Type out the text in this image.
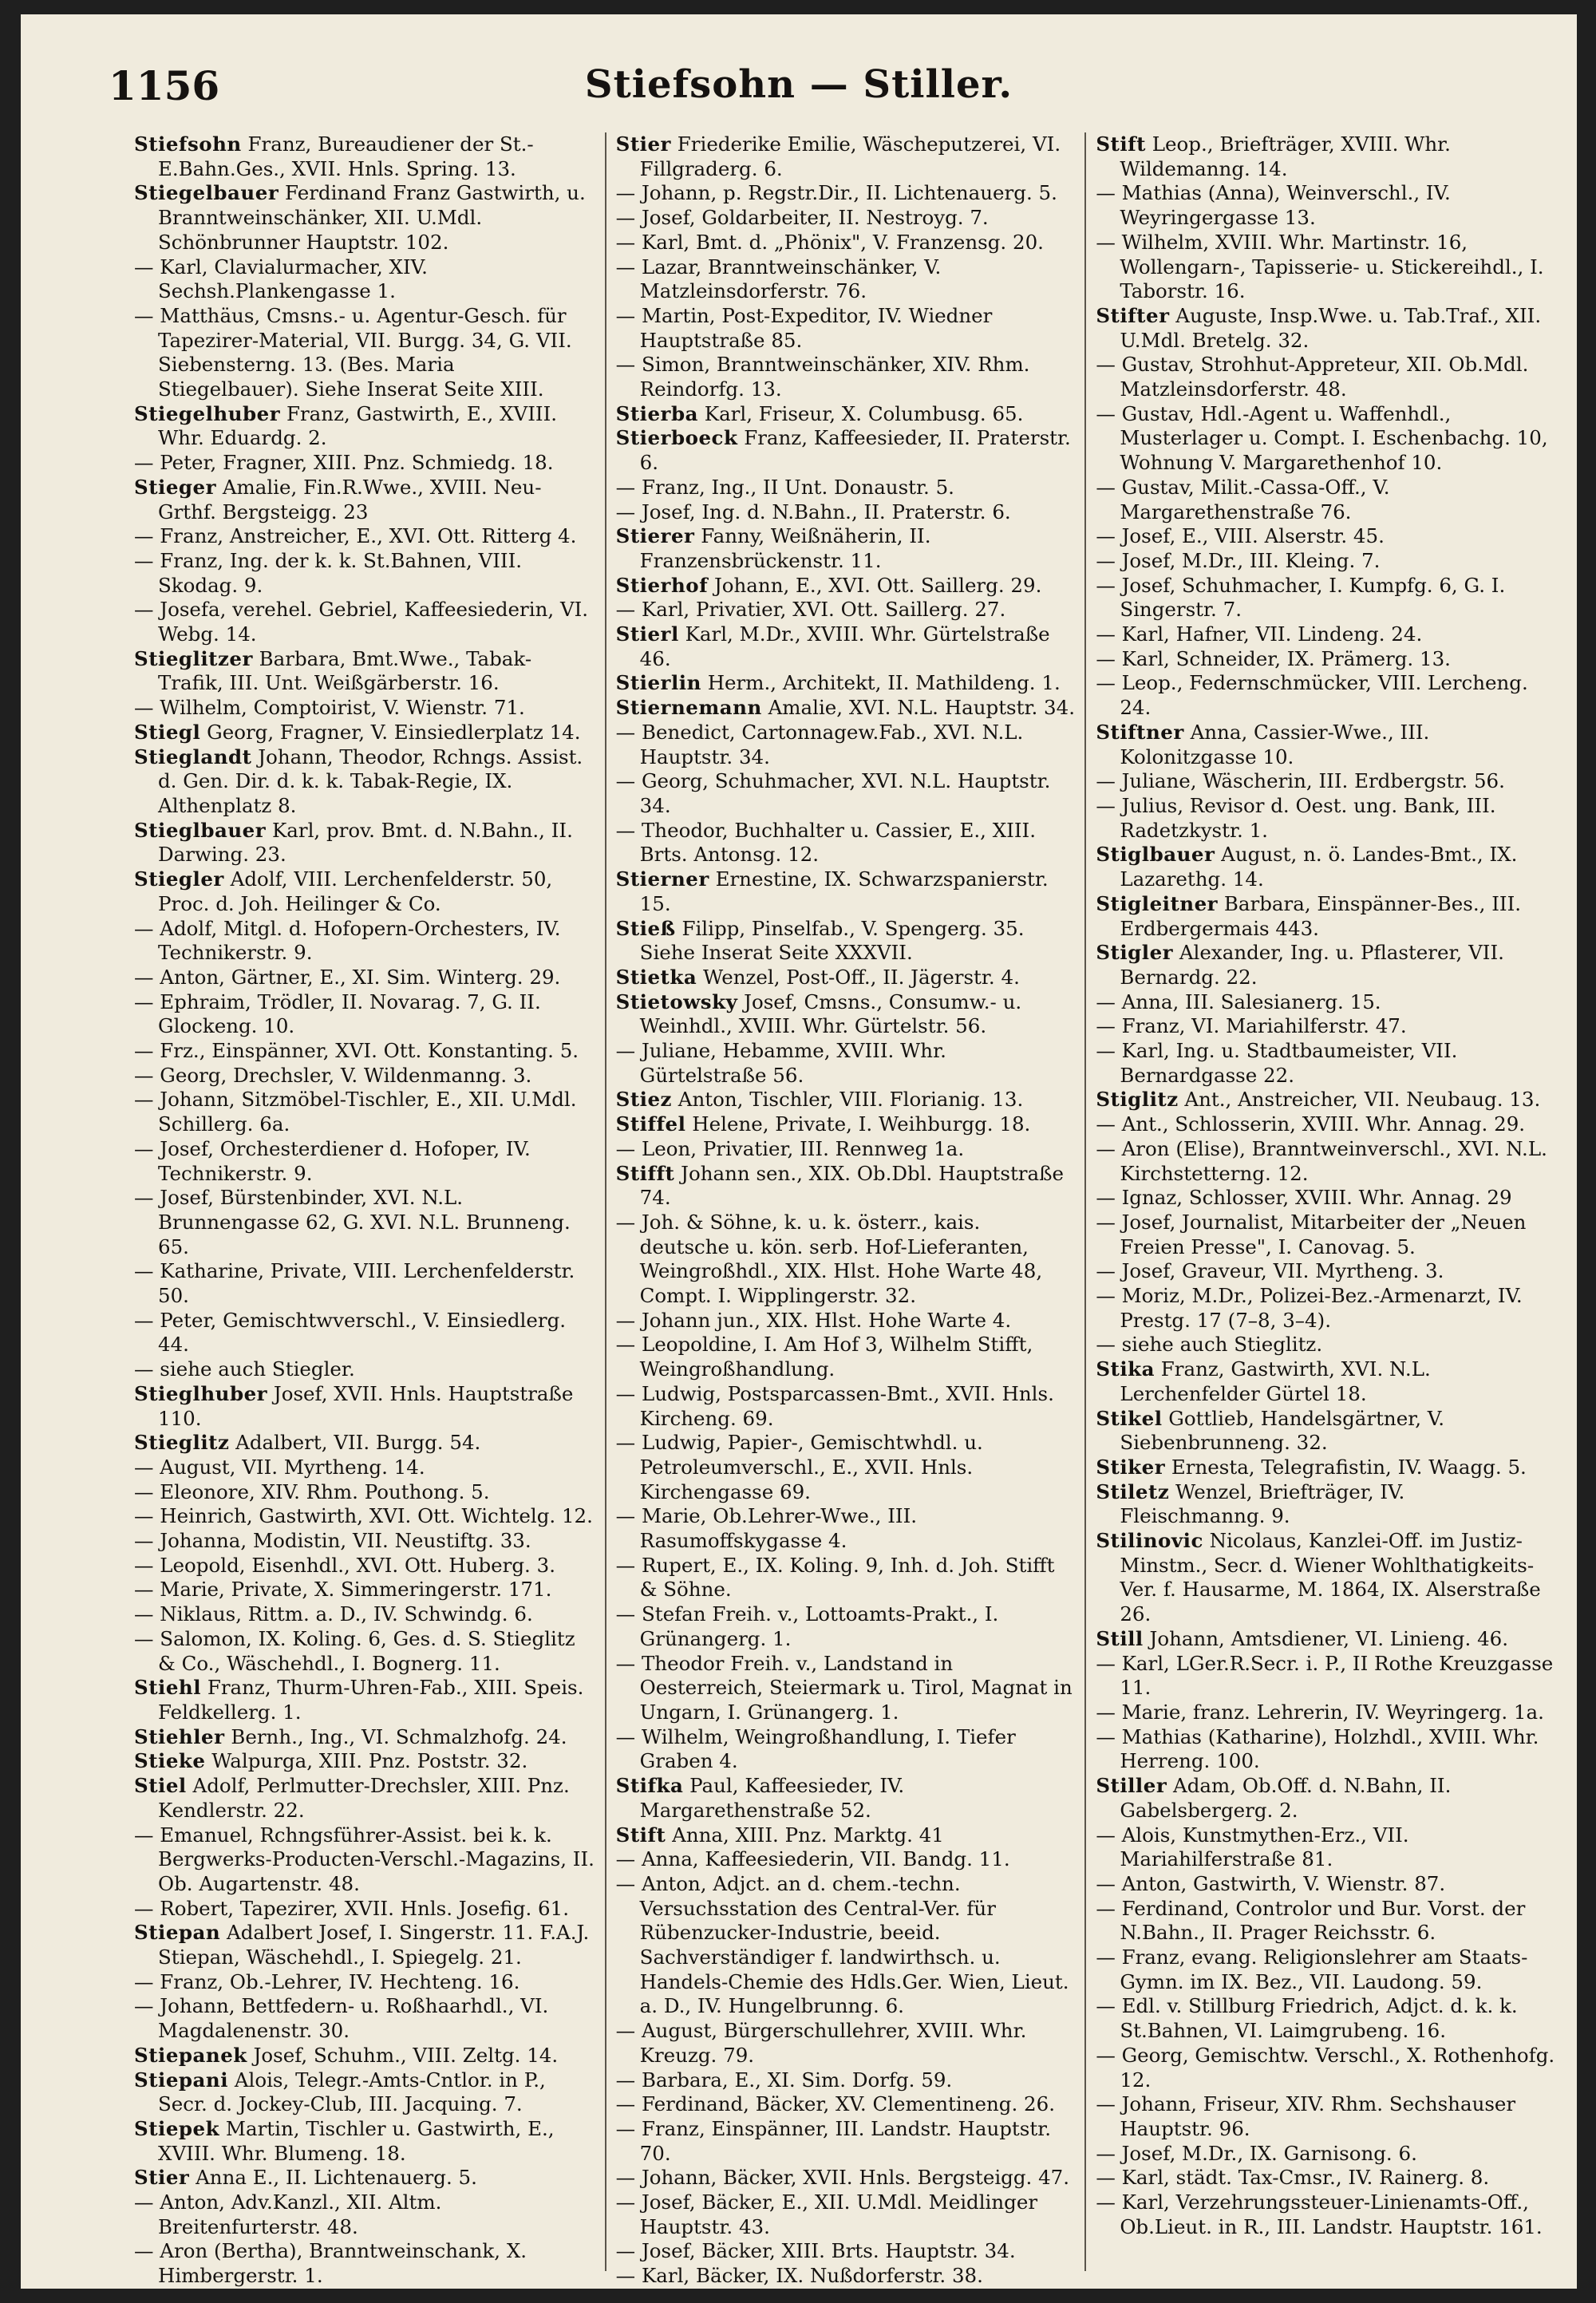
1156	Stiefsohn — Stiller.

Stiefsohn Franz, Bureaudiener der St.-E.Bahn.Ges., XVII. Hnls. Spring. 13.

Stiegelbauer Ferdinand Franz Gastwirth, u. Branntweinschänker, XII. U.Mdl. Schönbrunner Hauptstr. 102.

— Karl, Clavialurmacher, XIV. Sechsh.Plankengasse 1.

— Matthäus, Cmsns.- u. Agentur-Gesch. für Tapezirer-Material, VII. Burgg. 34, G. VII. Siebensterng. 13. (Bes. Maria Stiegelbauer). Siehe Inserat Seite XIII.

Stiegelhuber Franz, Gastwirth, E., XVIII. Whr. Eduardg. 2.

— Peter, Fragner, XIII. Pnz. Schmiedg. 18.

Stieger Amalie, Fin.R.Wwe., XVIII. Neu-Grthf. Bergsteigg. 23

— Franz, Anstreicher, E., XVI. Ott. Ritterg 4.

— Franz, Ing. der k. k. St.Bahnen, VIII. Skodag. 9.

— Josefa, verehel. Gebriel, Kaffeesiederin, VI. Webg. 14.

Stieglitzer Barbara, Bmt.Wwe., Tabak-Trafik, III. Unt. Weißgärberstr. 16.

— Wilhelm, Comptoirist, V. Wienstr. 71.

Stiegl Georg, Fragner, V. Einsiedlerplatz 14.

Stieglandt Johann, Theodor, Rchngs. Assist. d. Gen. Dir. d. k. k. Tabak-Regie, IX. Althenplatz 8.

Stieglbauer Karl, prov. Bmt. d. N.Bahn., II. Darwing. 23.

Stiegler Adolf, VIII. Lerchenfelderstr. 50, Proc. d. Joh. Heilinger & Co.

— Adolf, Mitgl. d. Hofopern-Orchesters, IV. Technikerstr. 9.

— Anton, Gärtner, E., XI. Sim. Winterg. 29.

— Ephraim, Trödler, II. Novarag. 7, G. II. Glockeng. 10.

— Frz., Einspänner, XVI. Ott. Konstanting. 5.

— Georg, Drechsler, V. Wildenmanng. 3.

— Johann, Sitzmöbel-Tischler, E., XII. U.Mdl. Schillerg. 6a.

— Josef, Orchesterdiener d. Hofoper, IV. Technikerstr. 9.

— Josef, Bürstenbinder, XVI. N.L. Brunnengasse 62, G. XVI. N.L. Brunneng. 65.

— Katharine, Private, VIII. Lerchenfelderstr. 50.

— Peter, Gemischtwverschl., V. Einsiedlerg. 44.

— siehe auch Stiegler.

Stieglhuber Josef, XVII. Hnls. Hauptstraße 110.

Stieglitz Adalbert, VII. Burgg. 54.

— August, VII. Myrtheng. 14.

— Eleonore, XIV. Rhm. Pouthong. 5.

— Heinrich, Gastwirth, XVI. Ott. Wichtelg. 12.

— Johanna, Modistin, VII. Neustiftg. 33.

— Leopold, Eisenhdl., XVI. Ott. Huberg. 3.

— Marie, Private, X. Simmeringerstr. 171.

— Niklaus, Rittm. a. D., IV. Schwindg. 6.

— Salomon, IX. Koling. 6, Ges. d. S. Stieglitz & Co., Wäschehdl., I. Bognerg. 11.

Stiehl Franz, Thurm-Uhren-Fab., XIII. Speis. Feldkellerg. 1.

Stiehler Bernh., Ing., VI. Schmalzhofg. 24.

Stieke Walpurga, XIII. Pnz. Poststr. 32.

Stiel Adolf, Perlmutter-Drechsler, XIII. Pnz. Kendlerstr. 22.

— Emanuel, Rchngsführer-Assist. bei k. k. Bergwerks-Producten-Verschl.-Magazins, II. Ob. Augartenstr. 48.

— Robert, Tapezirer, XVII. Hnls. Josefig. 61.

Stiepan Adalbert Josef, I. Singerstr. 11. F.A.J. Stiepan, Wäschehdl., I. Spiegelg. 21.

— Franz, Ob.-Lehrer, IV. Hechteng. 16.

— Johann, Bettfedern- u. Roßhaarhdl., VI. Magdalenenstr. 30.

Stiepanek Josef, Schuhm., VIII. Zeltg. 14.

Stiepani Alois, Telegr.-Amts-Cntlor. in P., Secr. d. Jockey-Club, III. Jacquing. 7.

Stiepek Martin, Tischler u. Gastwirth, E., XVIII. Whr. Blumeng. 18.

Stier Anna E., II. Lichtenauerg. 5.

— Anton, Adv.Kanzl., XII. Altm. Breitenfurterstr. 48.

— Aron (Bertha), Branntweinschank, X. Himbergerstr. 1.

Stier Friederike Emilie, Wäscheputzerei, VI. Fillgraderg. 6.

— Johann, p. Regstr.Dir., II. Lichtenauerg. 5.

— Josef, Goldarbeiter, II. Nestroyg. 7.

— Karl, Bmt. d. „Phönix", V. Franzensg. 20.

— Lazar, Branntweinschänker, V. Matzleinsdorferstr. 76.

— Martin, Post-Expeditor, IV. Wiedner Hauptstraße 85.

— Simon, Branntweinschänker, XIV. Rhm. Reindorfg. 13.

Stierba Karl, Friseur, X. Columbusg. 65.

Stierboeck Franz, Kaffeesieder, II. Praterstr. 6.

— Franz, Ing., II Unt. Donaustr. 5.

— Josef, Ing. d. N.Bahn., II. Praterstr. 6.

Stierer Fanny, Weißnäherin, II. Franzensbrückenstr. 11.

Stierhof Johann, E., XVI. Ott. Saillerg. 29.

— Karl, Privatier, XVI. Ott. Saillerg. 27.

Stierl Karl, M.Dr., XVIII. Whr. Gürtelstraße 46.

Stierlin Herm., Architekt, II. Mathildeng. 1.

Stiernemann Amalie, XVI. N.L. Hauptstr. 34.

— Benedict, Cartonnagew.Fab., XVI. N.L. Hauptstr. 34.

— Georg, Schuhmacher, XVI. N.L. Hauptstr. 34.

— Theodor, Buchhalter u. Cassier, E., XIII. Brts. Antonsg. 12.

Stierner Ernestine, IX. Schwarzspanierstr. 15.

Stieß Filipp, Pinselfab., V. Spengerg. 35. Siehe Inserat Seite XXXVII.

Stietka Wenzel, Post-Off., II. Jägerstr. 4.

Stietowsky Josef, Cmsns., Consumw.- u. Weinhdl., XVIII. Whr. Gürtelstr. 56.

— Juliane, Hebamme, XVIII. Whr. Gürtelstraße 56.

Stiez Anton, Tischler, VIII. Florianig. 13.

Stiffel Helene, Private, I. Weihburgg. 18.

— Leon, Privatier, III. Rennweg 1a.

Stifft Johann sen., XIX. Ob.Dbl. Hauptstraße 74.

— Joh. & Söhne, k. u. k. österr., kais. deutsche u. kön. serb. Hof-Lieferanten, Weingroßhdl., XIX. Hlst. Hohe Warte 48, Compt. I. Wipplingerstr. 32.

— Johann jun., XIX. Hlst. Hohe Warte 4.

— Leopoldine, I. Am Hof 3, Wilhelm Stifft, Weingroßhandlung.

— Ludwig, Postsparcassen-Bmt., XVII. Hnls. Kircheng. 69.

— Ludwig, Papier-, Gemischtwhdl. u. Petroleumverschl., E., XVII. Hnls. Kirchengasse 69.

— Marie, Ob.Lehrer-Wwe., III. Rasumoffskygasse 4.

— Rupert, E., IX. Koling. 9, Inh. d. Joh. Stifft & Söhne.

— Stefan Freih. v., Lottoamts-Prakt., I. Grünangerg. 1.

— Theodor Freih. v., Landstand in Oesterreich, Steiermark u. Tirol, Magnat in Ungarn, I. Grünangerg. 1.

— Wilhelm, Weingroßhandlung, I. Tiefer Graben 4.

Stifka Paul, Kaffeesieder, IV. Margarethenstraße 52.

Stift Anna, XIII. Pnz. Marktg. 41

— Anna, Kaffeesiederin, VII. Bandg. 11.

— Anton, Adjct. an d. chem.-techn. Versuchsstation des Central-Ver. für Rübenzucker-Industrie, beeid. Sachverständiger f. landwirthsch. u. Handels-Chemie des Hdls.Ger. Wien, Lieut. a. D., IV. Hungelbrunng. 6.

— August, Bürgerschullehrer, XVIII. Whr. Kreuzg. 79.

— Barbara, E., XI. Sim. Dorfg. 59.

— Ferdinand, Bäcker, XV. Clementineng. 26.

— Franz, Einspänner, III. Landstr. Hauptstr. 70.

— Johann, Bäcker, XVII. Hnls. Bergsteigg. 47.

— Josef, Bäcker, E., XII. U.Mdl. Meidlinger Hauptstr. 43.

— Josef, Bäcker, XIII. Brts. Hauptstr. 34.

— Karl, Bäcker, IX. Nußdorferstr. 38.

Stift Leop., Briefträger, XVIII. Whr. Wildemanng. 14.

— Mathias (Anna), Weinverschl., IV. Weyringergasse 13.

— Wilhelm, XVIII. Whr. Martinstr. 16, Wollengarn-, Tapisserie- u. Stickereihdl., I. Taborstr. 16.

Stifter Auguste, Insp.Wwe. u. Tab.Traf., XII. U.Mdl. Bretelg. 32.

— Gustav, Strohhut-Appreteur, XII. Ob.Mdl. Matzleinsdorferstr. 48.

— Gustav, Hdl.-Agent u. Waffenhdl., Musterlager u. Compt. I. Eschenbachg. 10, Wohnung V. Margarethenhof 10.

— Gustav, Milit.-Cassa-Off., V. Margarethenstraße 76.

— Josef, E., VIII. Alserstr. 45.

— Josef, M.Dr., III. Kleing. 7.

— Josef, Schuhmacher, I. Kumpfg. 6, G. I. Singerstr. 7.

— Karl, Hafner, VII. Lindeng. 24.

— Karl, Schneider, IX. Prämerg. 13.

— Leop., Federnschmücker, VIII. Lercheng. 24.

Stiftner Anna, Cassier-Wwe., III. Kolonitzgasse 10.

— Juliane, Wäscherin, III. Erdbergstr. 56.

— Julius, Revisor d. Oest. ung. Bank, III. Radetzkystr. 1.

Stiglbauer August, n. ö. Landes-Bmt., IX. Lazarethg. 14.

Stigleitner Barbara, Einspänner-Bes., III. Erdbergermais 443.

Stigler Alexander, Ing. u. Pflasterer, VII. Bernardg. 22.

— Anna, III. Salesianerg. 15.

— Franz, VI. Mariahilferstr. 47.

— Karl, Ing. u. Stadtbaumeister, VII. Bernardgasse 22.

Stiglitz Ant., Anstreicher, VII. Neubaug. 13.

— Ant., Schlosserin, XVIII. Whr. Annag. 29.

— Aron (Elise), Branntweinverschl., XVI. N.L. Kirchstetterng. 12.

— Ignaz, Schlosser, XVIII. Whr. Annag. 29

— Josef, Journalist, Mitarbeiter der „Neuen Freien Presse", I. Canovag. 5.

— Josef, Graveur, VII. Myrtheng. 3.

— Moriz, M.Dr., Polizei-Bez.-Armenarzt, IV. Prestg. 17 (7–8, 3–4).

— siehe auch Stieglitz.

Stika Franz, Gastwirth, XVI. N.L. Lerchenfelder Gürtel 18.

Stikel Gottlieb, Handelsgärtner, V. Siebenbrunneng. 32.

Stiker Ernesta, Telegrafistin, IV. Waagg. 5.

Stiletz Wenzel, Briefträger, IV. Fleischmanng. 9.

Stilinovic Nicolaus, Kanzlei-Off. im Justiz-Minstm., Secr. d. Wiener Wohlthatigkeits-Ver. f. Hausarme, M. 1864, IX. Alserstraße 26.

Still Johann, Amtsdiener, VI. Linieng. 46.

— Karl, LGer.R.Secr. i. P., II Rothe Kreuzgasse 11.

— Marie, franz. Lehrerin, IV. Weyringerg. 1a.

— Mathias (Katharine), Holzhdl., XVIII. Whr. Herreng. 100.

Stiller Adam, Ob.Off. d. N.Bahn, II. Gabelsbergerg. 2.

— Alois, Kunstmythen-Erz., VII. Mariahilferstraße 81.

— Anton, Gastwirth, V. Wienstr. 87.

— Ferdinand, Controlor und Bur. Vorst. der N.Bahn., II. Prager Reichsstr. 6.

— Franz, evang. Religionslehrer am Staats-Gymn. im IX. Bez., VII. Laudong. 59.

— Edl. v. Stillburg Friedrich, Adjct. d. k. k. St.Bahnen, VI. Laimgrubeng. 16.

— Georg, Gemischtw. Verschl., X. Rothenhofg. 12.

— Johann, Friseur, XIV. Rhm. Sechshauser Hauptstr. 96.

— Josef, M.Dr., IX. Garnisong. 6.

— Karl, städt. Tax-Cmsr., IV. Rainerg. 8.

— Karl, Verzehrungssteuer-Linienamts-Off., Ob.Lieut. in R., III. Landstr. Hauptstr. 161.
